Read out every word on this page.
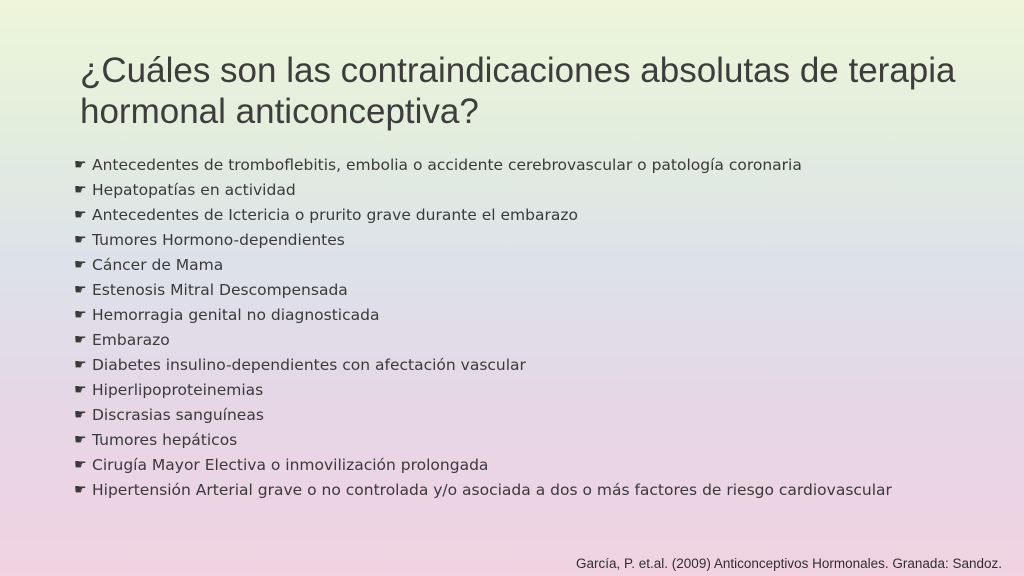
¿Cuáles son las contraindicaciones absolutas de terapia hormonal anticonceptiva?
☛ Antecedentes de tromboflebitis, embolia o accidente cerebrovascular o patología coronaria
☛ Hepatopatías en actividad
☛ Antecedentes de Ictericia o prurito grave durante el embarazo
☛ Tumores Hormono-dependientes
☛ Cáncer de Mama
☛ Estenosis Mitral Descompensada
☛ Hemorragia genital no diagnosticada
☛ Embarazo
☛ Diabetes insulino-dependientes con afectación vascular
☛ Hiperlipoproteinemias
☛ Discrasias sanguíneas
☛ Tumores hepáticos
☛ Cirugía Mayor Electiva o inmovilización prolongada
☛ Hipertensión Arterial grave o no controlada y/o asociada a dos o más factores de riesgo cardiovascular
García, P. et.al. (2009) Anticonceptivos Hormonales. Granada: Sandoz.
